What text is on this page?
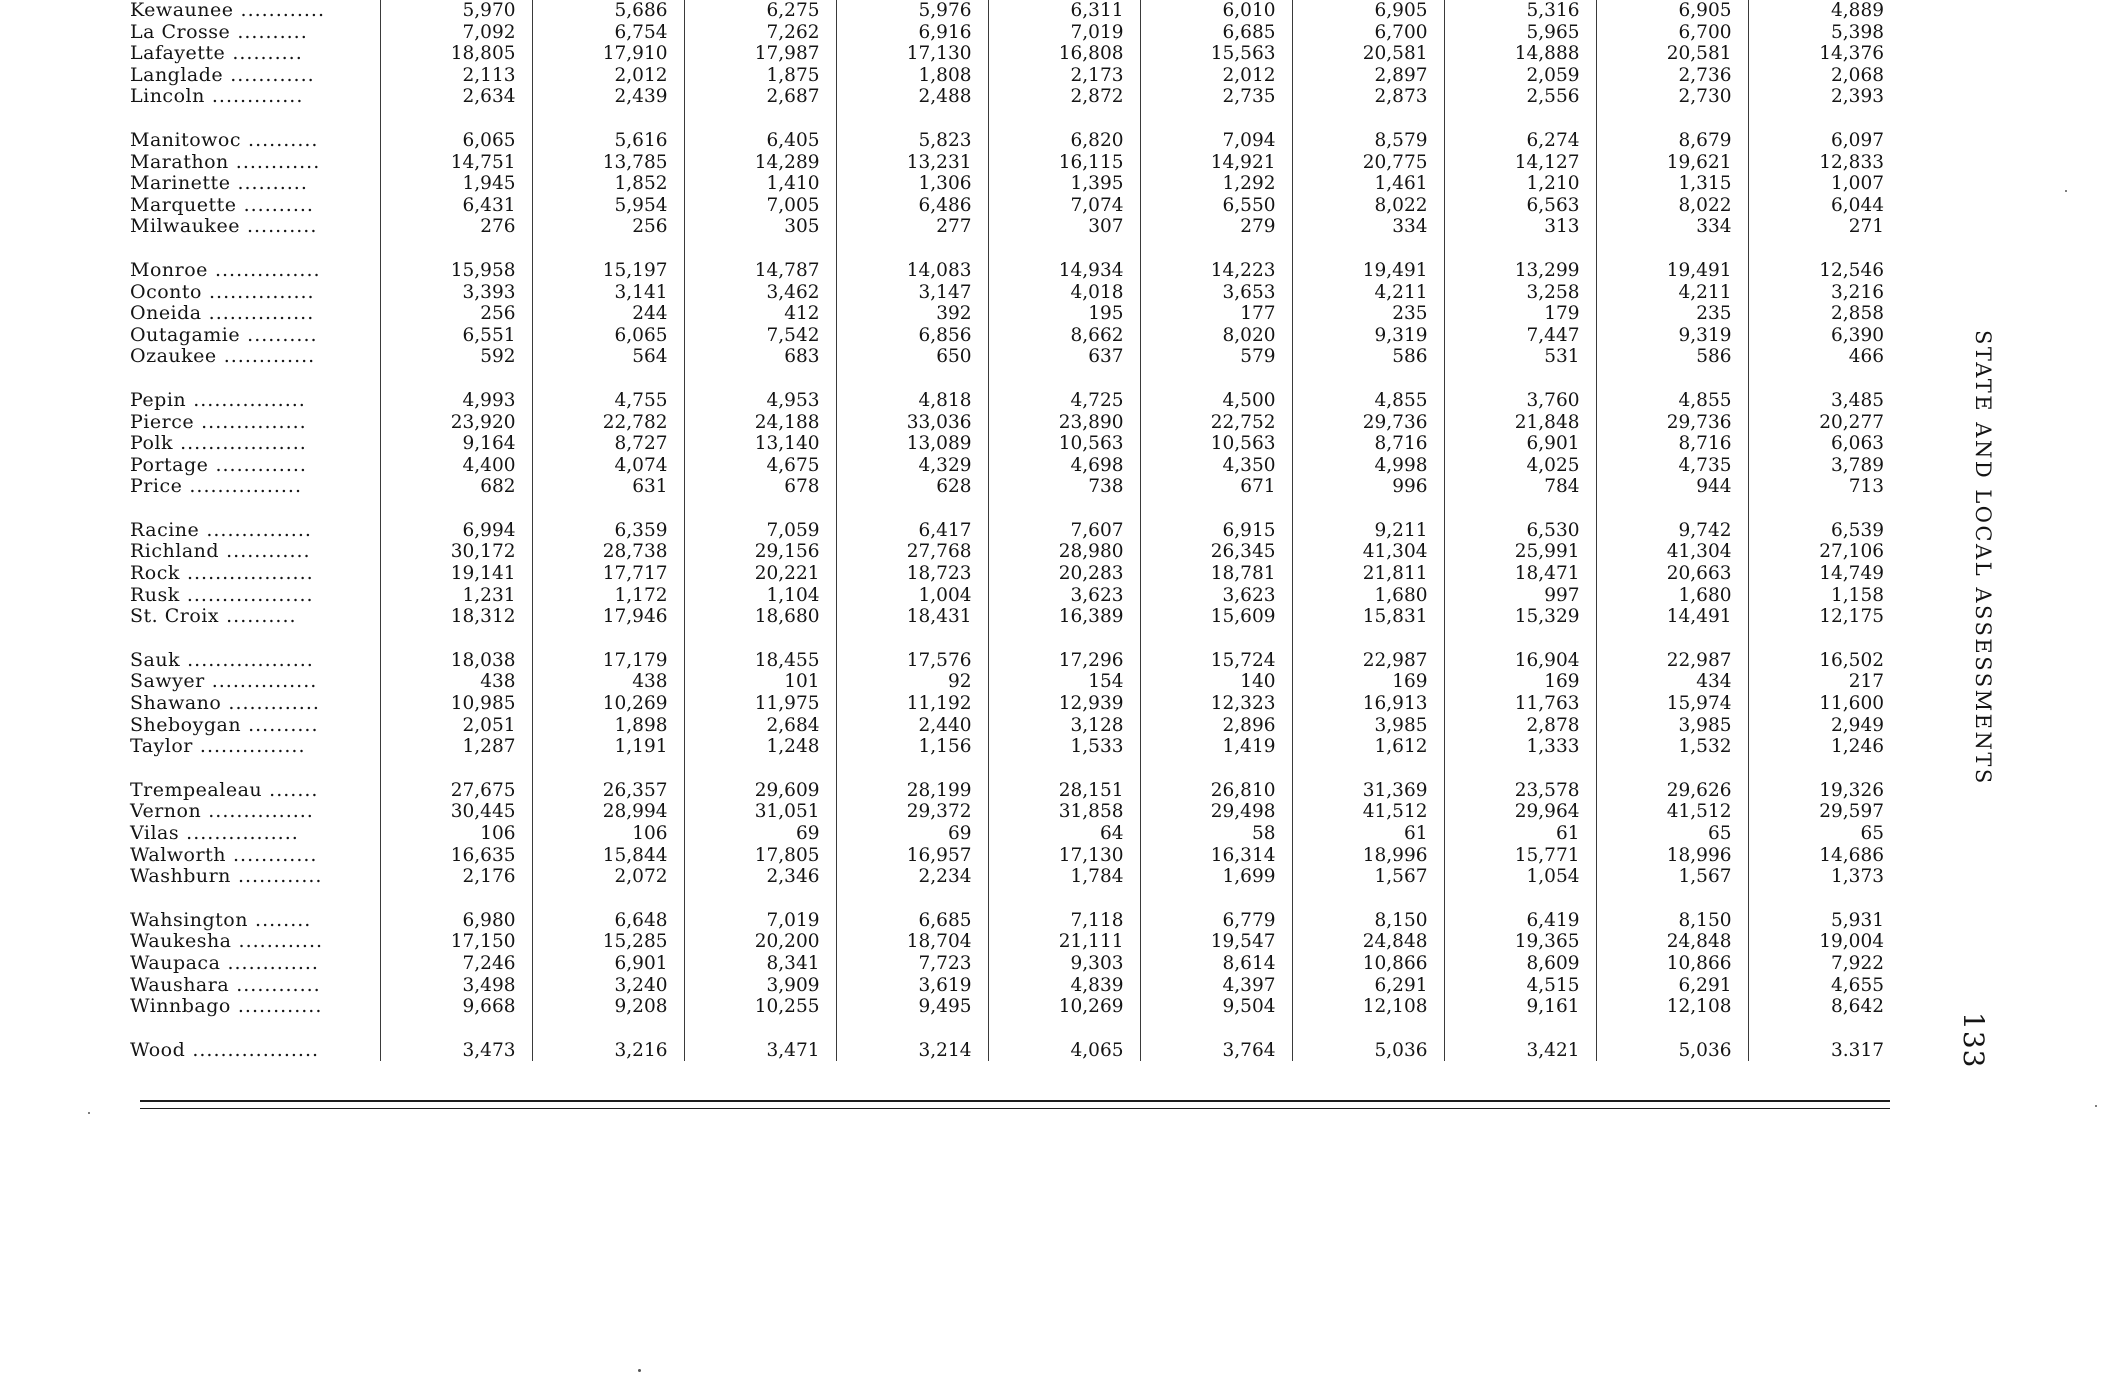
Kewaunee ............	5,970	5,686	6,275	5,976	6,311	6,010	6,905	5,316	6,905	4,889
La Crosse ..........	7,092	6,754	7,262	6,916	7,019	6,685	6,700	5,965	6,700	5,398
Lafayette ..........	18,805	17,910	17,987	17,130	16,808	15,563	20,581	14,888	20,581	14,376
Langlade ............	2,113	2,012	1,875	1,808	2,173	2,012	2,897	2,059	2,736	2,068
Lincoln .............	2,634	2,439	2,687	2,488	2,872	2,735	2,873	2,556	2,730	2,393

Manitowoc ..........	6,065	5,616	6,405	5,823	6,820	7,094	8,579	6,274	8,679	6,097
Marathon ............	14,751	13,785	14,289	13,231	16,115	14,921	20,775	14,127	19,621	12,833
Marinette ..........	1,945	1,852	1,410	1,306	1,395	1,292	1,461	1,210	1,315	1,007
Marquette ..........	6,431	5,954	7,005	6,486	7,074	6,550	8,022	6,563	8,022	6,044
Milwaukee ..........	276	256	305	277	307	279	334	313	334	271

Monroe ...............	15,958	15,197	14,787	14,083	14,934	14,223	19,491	13,299	19,491	12,546
Oconto ...............	3,393	3,141	3,462	3,147	4,018	3,653	4,211	3,258	4,211	3,216
Oneida ...............	256	244	412	392	195	177	235	179	235	2,858
Outagamie ..........	6,551	6,065	7,542	6,856	8,662	8,020	9,319	7,447	9,319	6,390
Ozaukee .............	592	564	683	650	637	579	586	531	586	466

Pepin ................	4,993	4,755	4,953	4,818	4,725	4,500	4,855	3,760	4,855	3,485
Pierce ...............	23,920	22,782	24,188	33,036	23,890	22,752	29,736	21,848	29,736	20,277
Polk ..................	9,164	8,727	13,140	13,089	10,563	10,563	8,716	6,901	8,716	6,063
Portage .............	4,400	4,074	4,675	4,329	4,698	4,350	4,998	4,025	4,735	3,789
Price ................	682	631	678	628	738	671	996	784	944	713

Racine ...............	6,994	6,359	7,059	6,417	7,607	6,915	9,211	6,530	9,742	6,539
Richland ............	30,172	28,738	29,156	27,768	28,980	26,345	41,304	25,991	41,304	27,106
Rock ..................	19,141	17,717	20,221	18,723	20,283	18,781	21,811	18,471	20,663	14,749
Rusk ..................	1,231	1,172	1,104	1,004	3,623	3,623	1,680	997	1,680	1,158
St. Croix ..........	18,312	17,946	18,680	18,431	16,389	15,609	15,831	15,329	14,491	12,175

Sauk ..................	18,038	17,179	18,455	17,576	17,296	15,724	22,987	16,904	22,987	16,502
Sawyer ...............	438	438	101	92	154	140	169	169	434	217
Shawano .............	10,985	10,269	11,975	11,192	12,939	12,323	16,913	11,763	15,974	11,600
Sheboygan ..........	2,051	1,898	2,684	2,440	3,128	2,896	3,985	2,878	3,985	2,949
Taylor ...............	1,287	1,191	1,248	1,156	1,533	1,419	1,612	1,333	1,532	1,246

Trempealeau .......	27,675	26,357	29,609	28,199	28,151	26,810	31,369	23,578	29,626	19,326
Vernon ...............	30,445	28,994	31,051	29,372	31,858	29,498	41,512	29,964	41,512	29,597
Vilas ................	106	106	69	69	64	58	61	61	65	65
Walworth ............	16,635	15,844	17,805	16,957	17,130	16,314	18,996	15,771	18,996	14,686
Washburn ............	2,176	2,072	2,346	2,234	1,784	1,699	1,567	1,054	1,567	1,373

Wahsington ........	6,980	6,648	7,019	6,685	7,118	6,779	8,150	6,419	8,150	5,931
Waukesha ............	17,150	15,285	20,200	18,704	21,111	19,547	24,848	19,365	24,848	19,004
Waupaca .............	7,246	6,901	8,341	7,723	9,303	8,614	10,866	8,609	10,866	7,922
Waushara ............	3,498	3,240	3,909	3,619	4,839	4,397	6,291	4,515	6,291	4,655
Winnbago ............	9,668	9,208	10,255	9,495	10,269	9,504	12,108	9,161	12,108	8,642

Wood ..................	3,473	3,216	3,471	3,214	4,065	3,764	5,036	3,421	5,036	3.317
STATE AND LOCAL ASSESSMENTS
133
